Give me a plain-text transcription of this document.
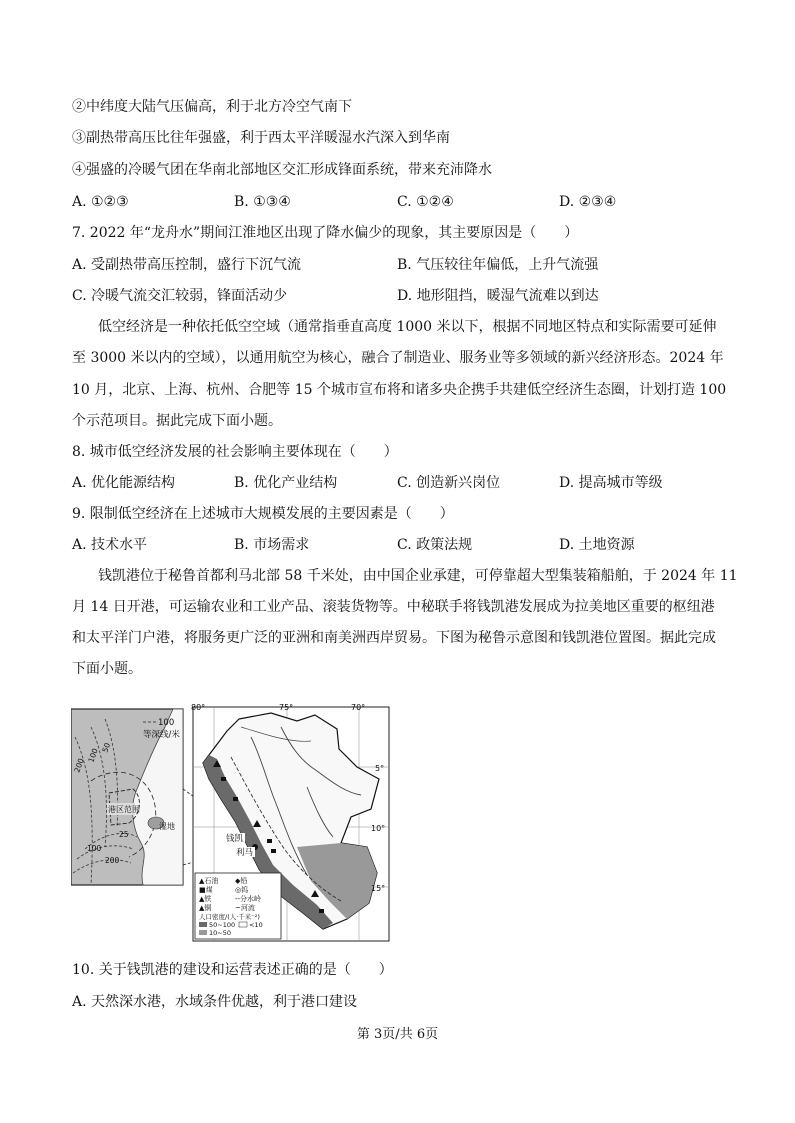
②中纬度大陆气压偏高，利于北方冷空气南下
③副热带高压比往年强盛，利于西太平洋暖湿水汽深入到华南
④强盛的冷暖气团在华南北部地区交汇形成锋面系统，带来充沛降水
A. ①②③	B. ①③④	C. ①②④	D. ②③④
7. 2022 年“龙舟水”期间江淮地区出现了降水偏少的现象，其主要原因是（　　）
A. 受副热带高压控制，盛行下沉气流	B. 气压较往年偏低，上升气流强
C. 冷暖气流交汇较弱，锋面活动少	D. 地形阻挡，暖湿气流难以到达
低空经济是一种依托低空空域（通常指垂直高度 1000 米以下，根据不同地区特点和实际需要可延伸
至 3000 米以内的空域），以通用航空为核心，融合了制造业、服务业等多领域的新兴经济形态。2024 年
10 月，北京、上海、杭州、合肥等 15 个城市宣布将和诸多央企携手共建低空经济生态圈，计划打造 100
个示范项目。据此完成下面小题。
8. 城市低空经济发展的社会影响主要体现在（　　）
A. 优化能源结构	B. 优化产业结构	C. 创造新兴岗位	D. 提高城市等级
9. 限制低空经济在上述城市大规模发展的主要因素是（　　）
A. 技术水平	B. 市场需求	C. 政策法规	D. 土地资源
钱凯港位于秘鲁首都利马北部 58 千米处，由中国企业承建，可停靠超大型集装箱船舶，于 2024 年 11
月 14 日开港，可运输农业和工业产品、滚装货物等。中秘联手将钱凯港发展成为拉美地区重要的枢纽港
和太平洋门户港，将服务更广泛的亚洲和南美洲西岸贸易。下图为秘鲁示意图和钱凯港位置图。据此完成
下面小题。
100
等深线/米
港区范围
湿地
200
100 50
25
100
200
80°	75°	70°
5°
10°
15°
钱凯
利马
▲石油 ◆铅
■煤	◎钨
▲铁	--分水岭
▲铜	~河流
人口密度/(人·千米⁻²)
50~100 <10
10~50
10. 关于钱凯港的建设和运营表述正确的是（　　）
A. 天然深水港，水域条件优越，利于港口建设
第 3页/共 6页
